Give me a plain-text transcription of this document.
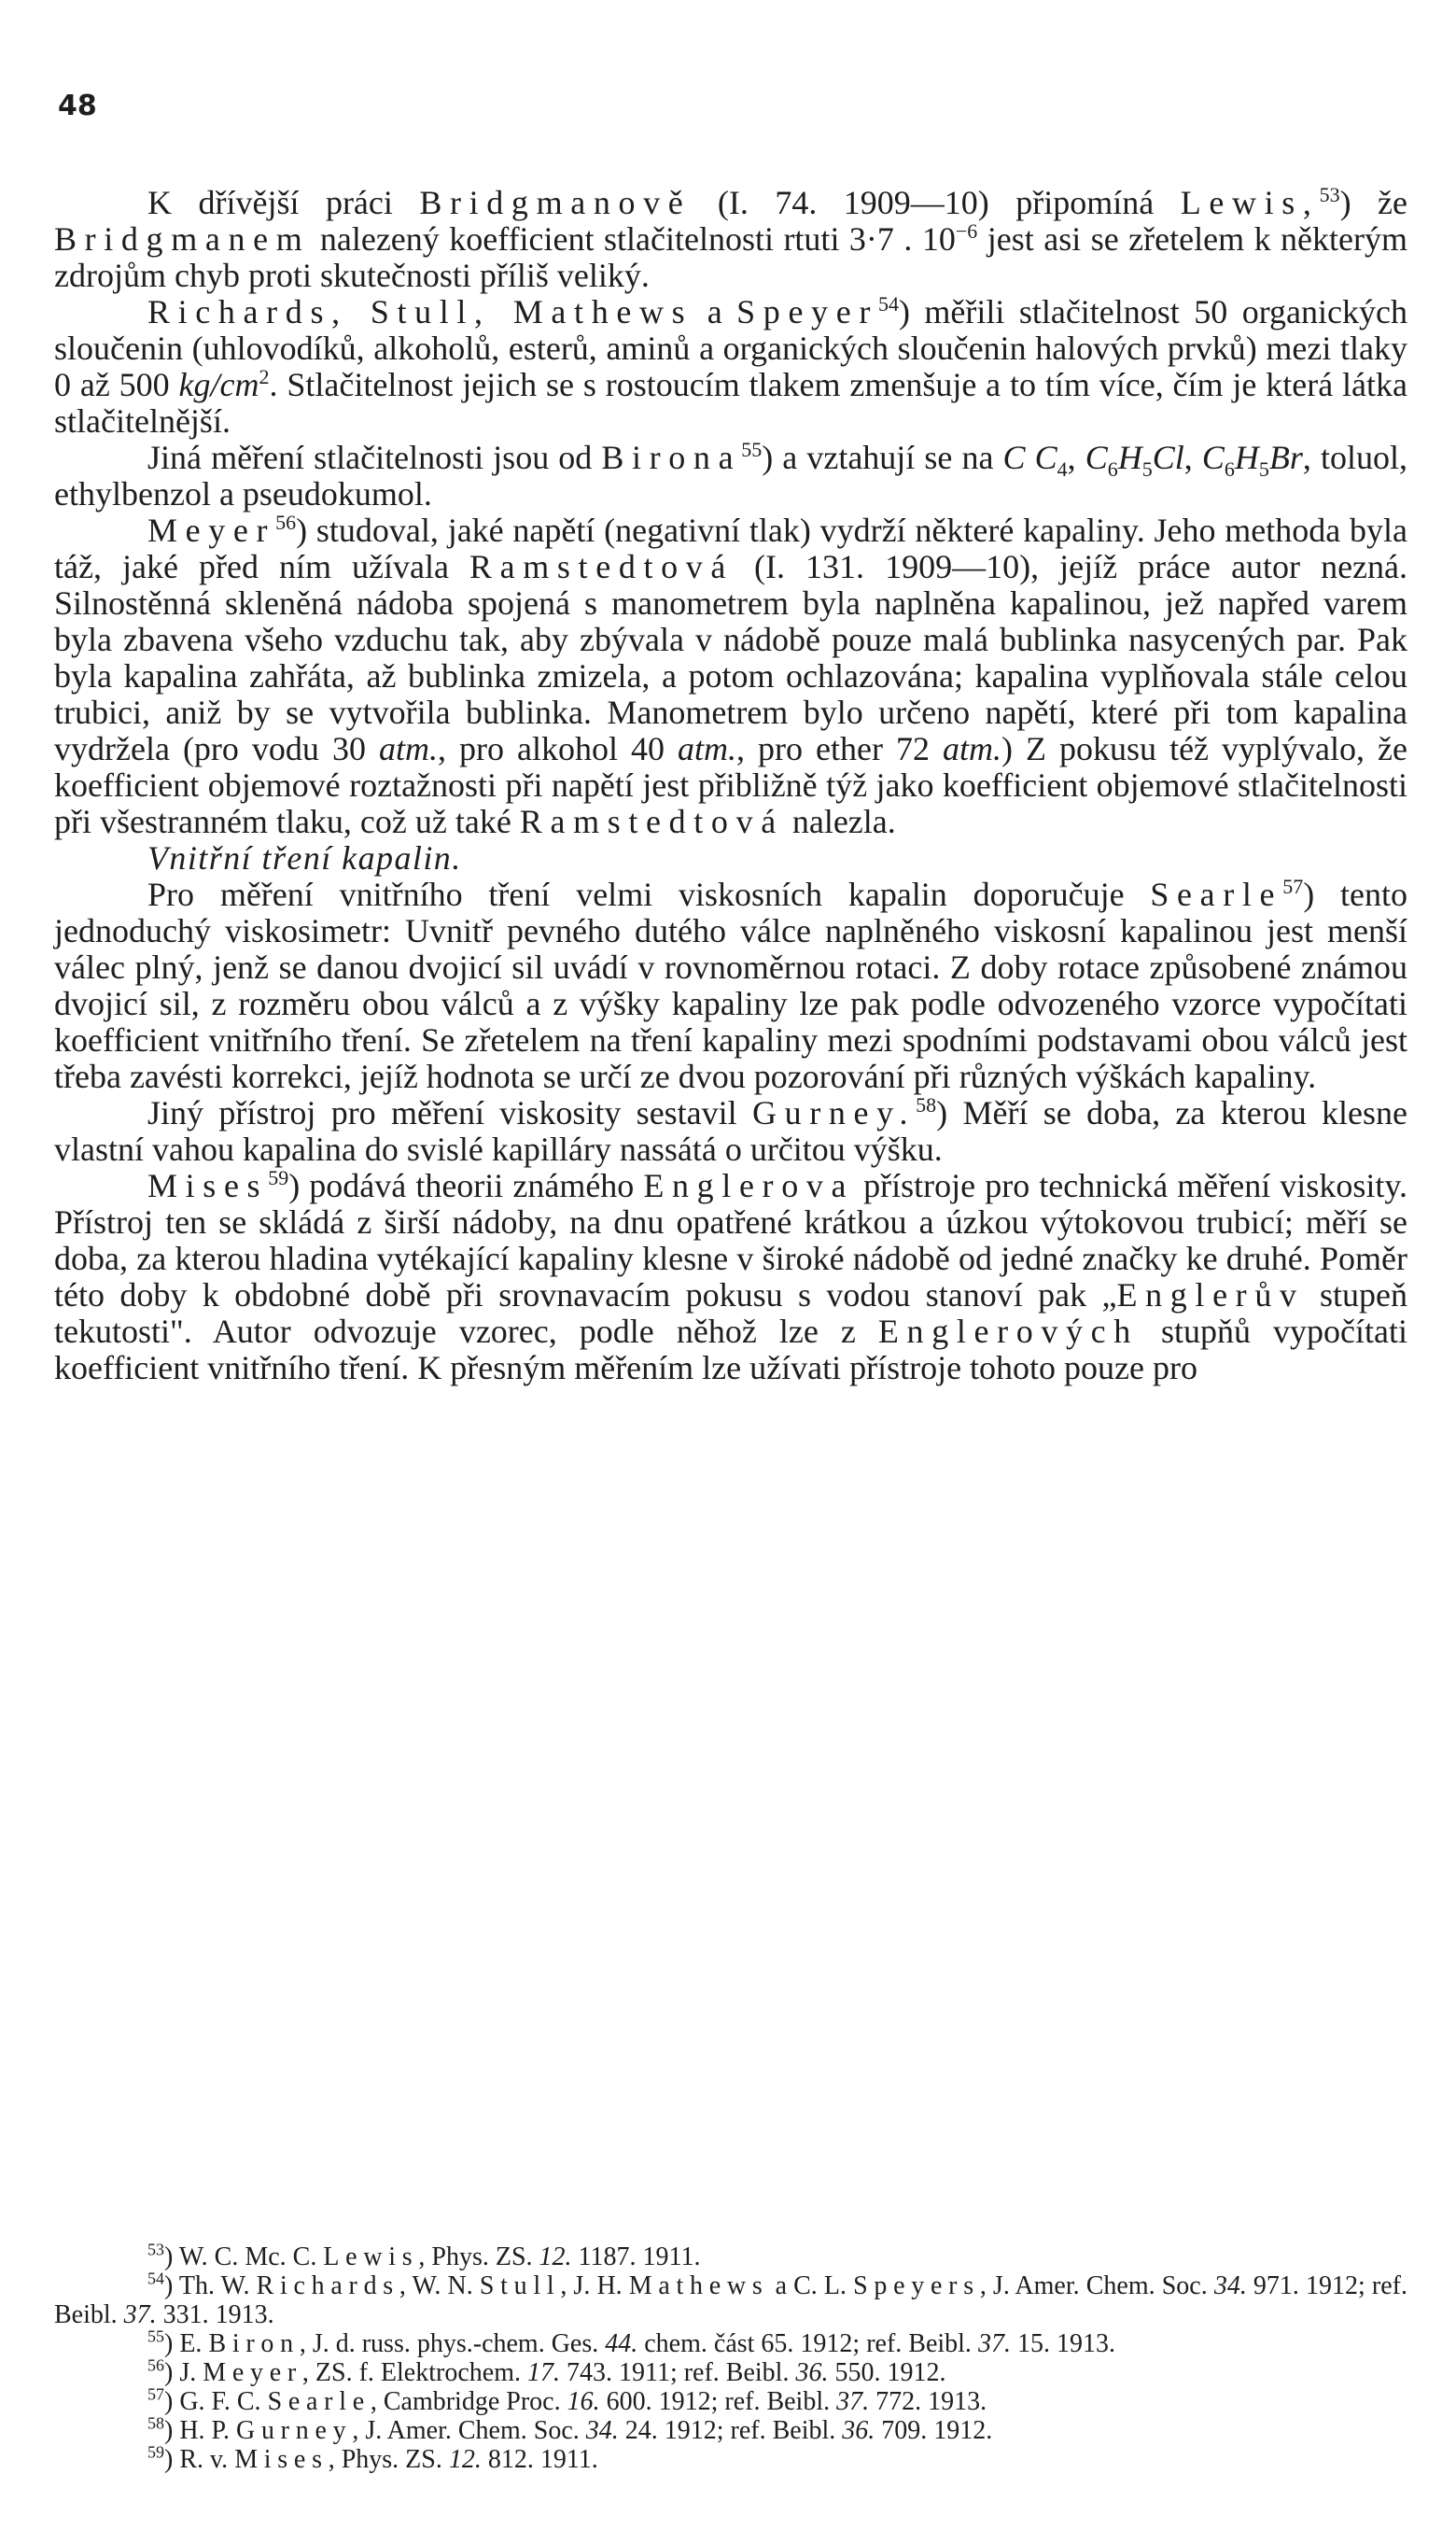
48

K dřívější práci Bridgmanově (I. 74. 1909—10) připomíná Lewis,$^{53}$) že Bridgmanem nalezený koefficient stlačitelnosti rtuti 3·7 . $10^{-6}$ jest asi se zřetelem k některým zdrojům chyb proti skutečnosti příliš veliký.

Richards, Stull, Mathews a Speyer$^{54}$) měřili stlačitelnost 50 organických sloučenin (uhlovodíků, alkoholů, esterů, aminů a organických sloučenin halových prvků) mezi tlaky 0 až 500 $kg/cm^2$. Stlačitelnost jejich se s rostoucím tlakem zmenšuje a to tím více, čím je která látka stlačitelnější.

Jiná měření stlačitelnosti jsou od Birona$^{55}$) a vztahují se na C $C_4$, $C_6H_5Cl$, $C_6H_5Br$, toluol, ethylbenzol a pseudokumol.

Meyer$^{56}$) studoval, jaké napětí (negativní tlak) vydrží některé kapaliny. Jeho methoda byla táž, jaké před ním užívala Ramstedtová (I. 131. 1909—10), jejíž práce autor nezná. Silnostěnná skleněná nádoba spojená s manometrem byla naplněna kapalinou, jež napřed varem byla zbavena všeho vzduchu tak, aby zbývala v nádobě pouze malá bublinka nasycených par. Pak byla kapalina zahřáta, až bublinka zmizela, a potom ochlazována; kapalina vyplňovala stále celou trubici, aniž by se vytvořila bublinka. Manometrem bylo určeno napětí, které při tom kapalina vydržela (pro vodu 30 atm., pro alkohol 40 atm., pro ether 72 atm.) Z pokusu též vyplývalo, že koefficient objemové roztažnosti při napětí jest přibližně týž jako koefficient objemové stlačitelnosti při všestranném tlaku, což už také Ramstedtová nalezla.

Vnitřní tření kapalin.

Pro měření vnitřního tření velmi viskosních kapalin doporučuje Searle$^{57}$) tento jednoduchý viskosimetr: Uvnitř pevného dutého válce naplněného viskosní kapalinou jest menší válec plný, jenž se danou dvojicí sil uvádí v rovnoměrnou rotaci. Z doby rotace způsobené známou dvojicí sil, z rozměru obou válců a z výšky kapaliny lze pak podle odvozeného vzorce vypočítati koefficient vnitřního tření. Se zřetelem na tření kapaliny mezi spodními podstavami obou válců jest třeba zavésti korrekci, jejíž hodnota se určí ze dvou pozorování při různých výškách kapaliny.

Jiný přístroj pro měření viskosity sestavil Gurney.$^{58}$) Měří se doba, za kterou klesne vlastní vahou kapalina do svislé kapilláry nassátá o určitou výšku.

Mises$^{59}$) podává theorii známého Englerova přístroje pro technická měření viskosity. Přístroj ten se skládá z širší nádoby, na dnu opatřené krátkou a úzkou výtokovou trubicí; měří se doba, za kterou hladina vytékající kapaliny klesne v široké nádobě od jedné značky ke druhé. Poměr této doby k obdobné době při srovnavacím pokusu s vodou stanoví pak „Englerův stupeň tekutosti". Autor odvozuje vzorec, podle něhož lze z Englerových stupňů vypočítati koefficient vnitřního tření. K přesným měřením lze užívati přístroje tohoto pouze pro

$^{53}$) W. C. Mc. C. Lewis, Phys. ZS. 12. 1187. 1911.

$^{54}$) Th. W. Richards, W. N. Stull, J. H. Mathews a C. L. Speyers, J. Amer. Chem. Soc. 34. 971. 1912; ref. Beibl. 37. 331. 1913.

$^{55}$) E. Biron, J. d. russ. phys.-chem. Ges. 44. chem. část 65. 1912; ref. Beibl. 37. 15. 1913.

$^{56}$) J. Meyer, ZS. f. Elektrochem. 17. 743. 1911; ref. Beibl. 36. 550. 1912.

$^{57}$) G. F. C. Searle, Cambridge Proc. 16. 600. 1912; ref. Beibl. 37. 772. 1913.

$^{58}$) H. P. Gurney, J. Amer. Chem. Soc. 34. 24. 1912; ref. Beibl. 36. 709. 1912.

$^{59}$) R. v. Mises, Phys. ZS. 12. 812. 1911.
